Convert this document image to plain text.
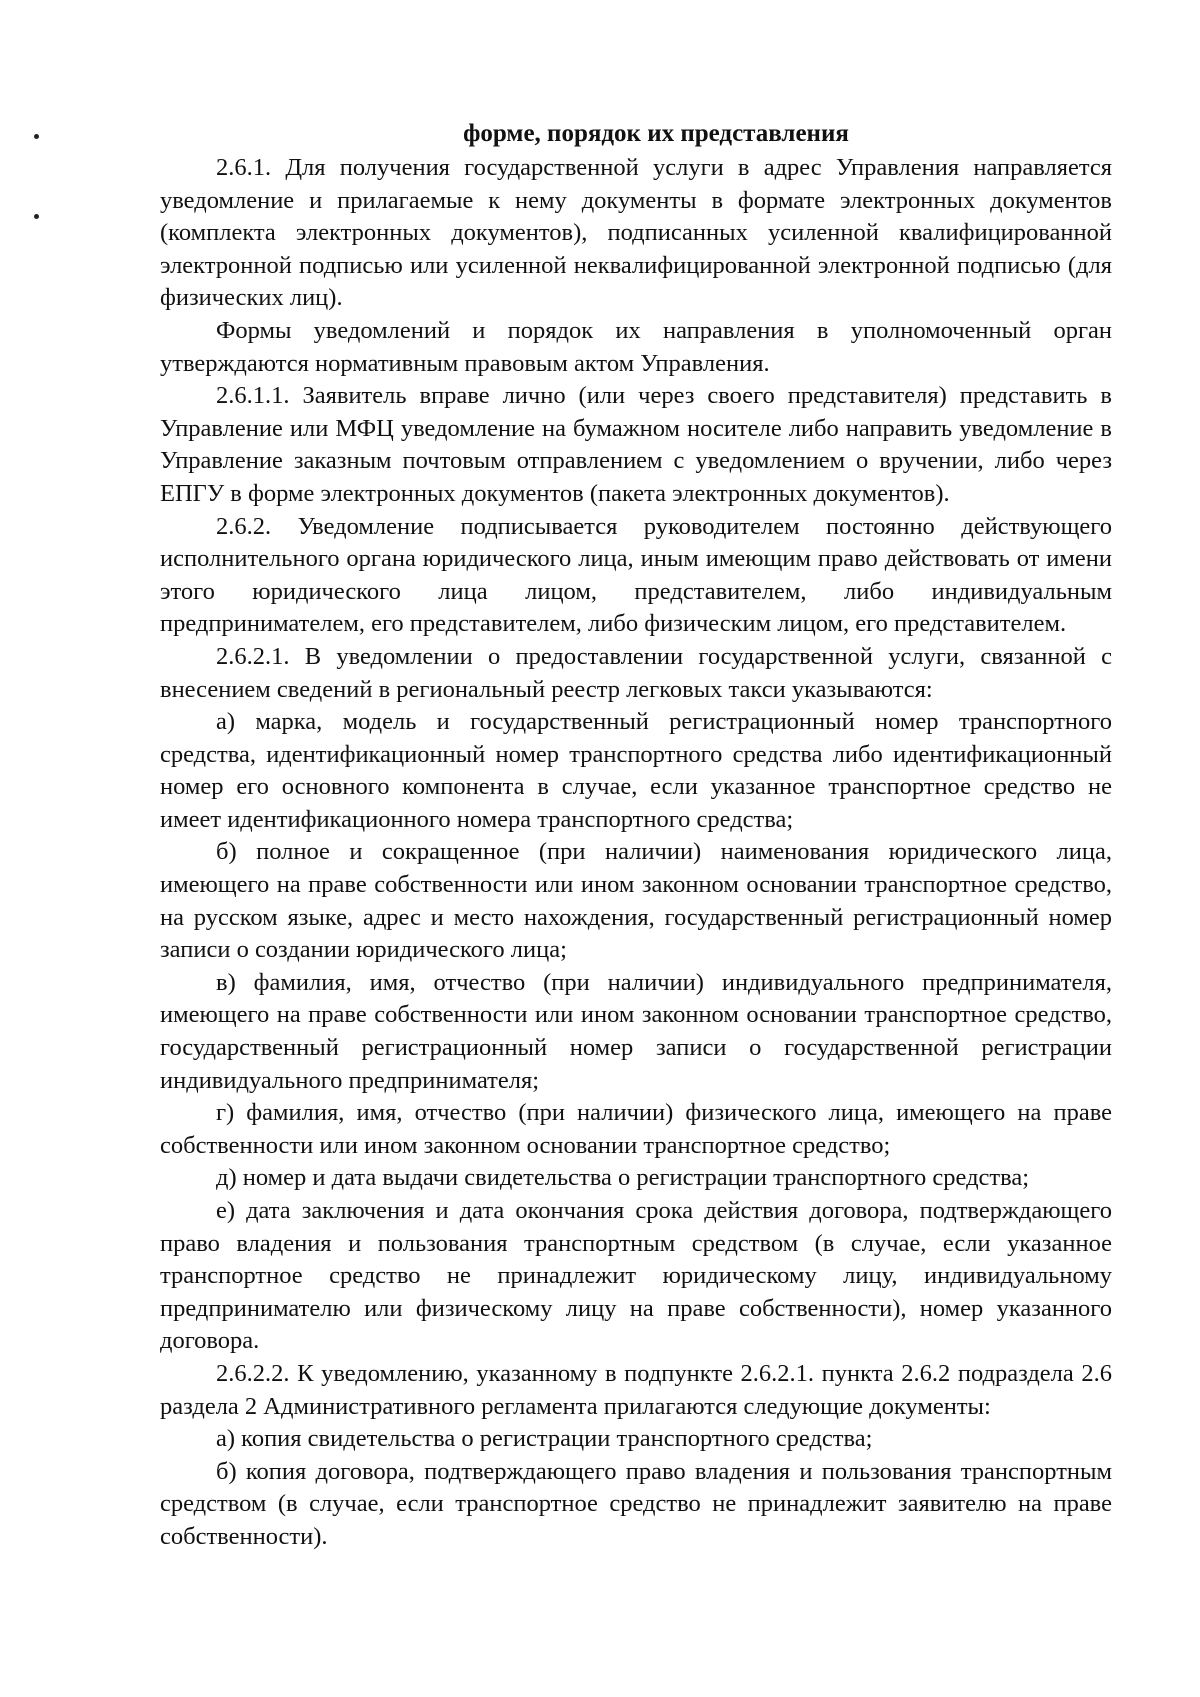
форме, порядок их представления

2.6.1. Для получения государственной услуги в адрес Управления направляется уведомление и прилагаемые к нему документы в формате электронных документов (комплекта электронных документов), подписанных усиленной квалифицированной электронной подписью или усиленной неквалифицированной электронной подписью (для физических лиц).

Формы уведомлений и порядок их направления в уполномоченный орган утверждаются нормативным правовым актом Управления.

2.6.1.1. Заявитель вправе лично (или через своего представителя) представить в Управление или МФЦ уведомление на бумажном носителе либо направить уведомление в Управление заказным почтовым отправлением с уведомлением о вручении, либо через ЕПГУ в форме электронных документов (пакета электронных документов).

2.6.2. Уведомление подписывается руководителем постоянно действующего исполнительного органа юридического лица, иным имеющим право действовать от имени этого юридического лица лицом, представителем, либо индивидуальным предпринимателем, его представителем, либо физическим лицом, его представителем.

2.6.2.1. В уведомлении о предоставлении государственной услуги, связанной с внесением сведений в региональный реестр легковых такси указываются:

а) марка, модель и государственный регистрационный номер транспортного средства, идентификационный номер транспортного средства либо идентификационный номер его основного компонента в случае, если указанное транспортное средство не имеет идентификационного номера транспортного средства;

б) полное и сокращенное (при наличии) наименования юридического лица, имеющего на праве собственности или ином законном основании транспортное средство, на русском языке, адрес и место нахождения, государственный регистрационный номер записи о создании юридического лица;

в) фамилия, имя, отчество (при наличии) индивидуального предпринимателя, имеющего на праве собственности или ином законном основании транспортное средство, государственный регистрационный номер записи о государственной регистрации индивидуального предпринимателя;

г) фамилия, имя, отчество (при наличии) физического лица, имеющего на праве собственности или ином законном основании транспортное средство;

д) номер и дата выдачи свидетельства о регистрации транспортного средства;

е) дата заключения и дата окончания срока действия договора, подтверждающего право владения и пользования транспортным средством (в случае, если указанное транспортное средство не принадлежит юридическому лицу, индивидуальному предпринимателю или физическому лицу на праве собственности), номер указанного договора.

2.6.2.2. К уведомлению, указанному в подпункте 2.6.2.1. пункта 2.6.2 подраздела 2.6 раздела 2 Административного регламента прилагаются следующие документы:

а) копия свидетельства о регистрации транспортного средства;

б) копия договора, подтверждающего право владения и пользования транспортным средством (в случае, если транспортное средство не принадлежит заявителю на праве собственности).
